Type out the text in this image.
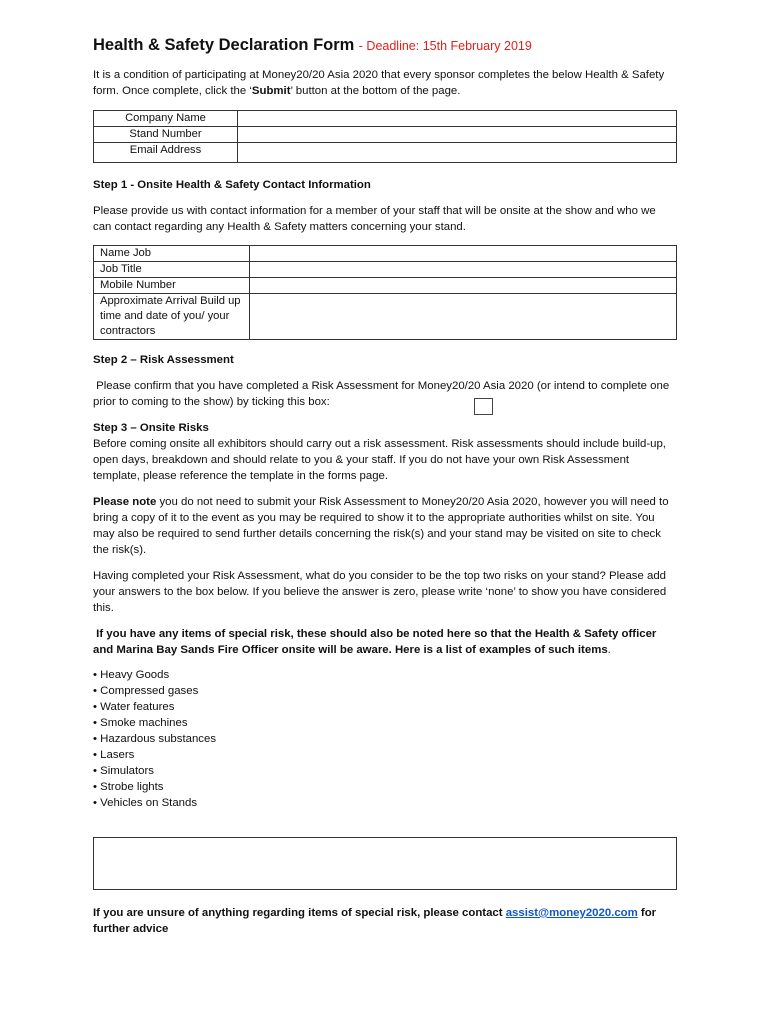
Health & Safety Declaration Form - Deadline: 15th February 2019

It is a condition of participating at Money20/20 Asia 2020 that every sponsor completes the below Health & Safety form. Once complete, click the ‘Submit’ button at the bottom of the page.

Company Name	
Stand Number	
Email Address	

Step 1 - Onsite Health & Safety Contact Information

Please provide us with contact information for a member of your staff that will be onsite at the show and who we can contact regarding any Health & Safety matters concerning your stand.

Name Job	
Job Title	
Mobile Number	
Approximate Arrival Build up time and date of you/ your contractors	

Step 2 – Risk Assessment

Please confirm that you have completed a Risk Assessment for Money20/20 Asia 2020 (or intend to complete one prior to coming to the show) by ticking this box:

Step 3 – Onsite Risks

Before coming onsite all exhibitors should carry out a risk assessment. Risk assessments should include build-up, open days, breakdown and should relate to you & your staff. If you do not have your own Risk Assessment template, please reference the template in the forms page.

Please note you do not need to submit your Risk Assessment to Money20/20 Asia 2020, however you will need to bring a copy of it to the event as you may be required to show it to the appropriate authorities whilst on site. You may also be required to send further details concerning the risk(s) and your stand may be visited on site to check the risk(s).

Having completed your Risk Assessment, what do you consider to be the top two risks on your stand? Please add your answers to the box below. If you believe the answer is zero, please write ‘none’ to show you have considered this.

If you have any items of special risk, these should also be noted here so that the Health & Safety officer and Marina Bay Sands Fire Officer onsite will be aware. Here is a list of examples of such items.

• Heavy Goods
• Compressed gases
• Water features
• Smoke machines
• Hazardous substances
• Lasers
• Simulators
• Strobe lights
• Vehicles on Stands

If you are unsure of anything regarding items of special risk, please contact assist@money2020.com for further advice
